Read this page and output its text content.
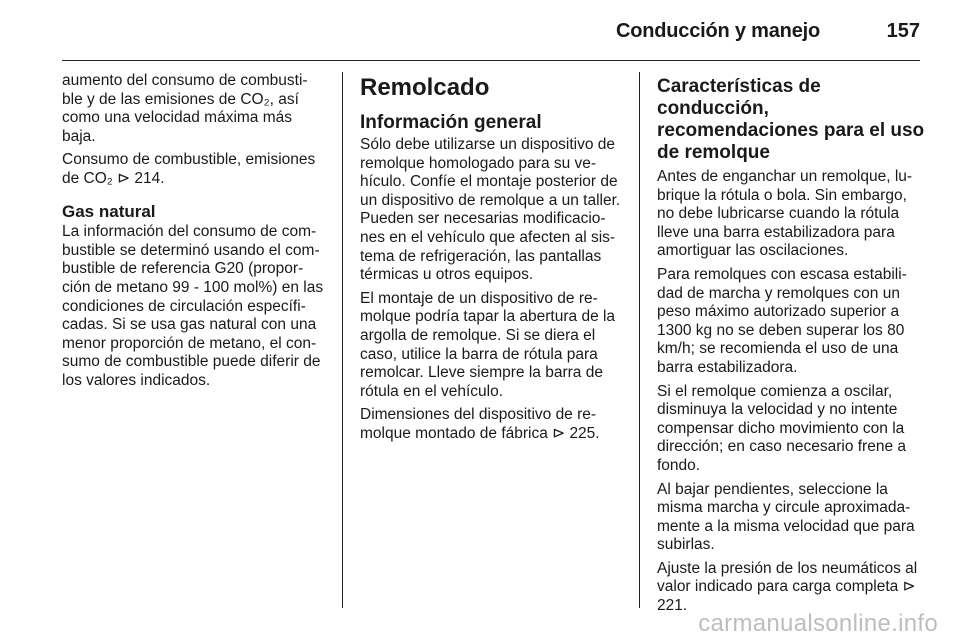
Conducción y manejo	157

aumento del consumo de combusti-ble y de las emisiones de CO₂, así como una velocidad máxima más baja.

Consumo de combustible, emisiones de CO₂ ⊳ 214.

Gas natural

La información del consumo de com-bustible se determinó usando el com-bustible de referencia G20 (propor-ción de metano 99 - 100 mol%) en las condiciones de circulación específi-cadas. Si se usa gas natural con una menor proporción de metano, el con-sumo de combustible puede diferir de los valores indicados.

Remolcado
Información general

Sólo debe utilizarse un dispositivo de remolque homologado para su ve-hículo. Confíe el montaje posterior de un dispositivo de remolque a un taller. Pueden ser necesarias modificacio-nes en el vehículo que afecten al sis-tema de refrigeración, las pantallas térmicas u otros equipos.

El montaje de un dispositivo de re-molque podría tapar la abertura de la argolla de remolque. Si se diera el caso, utilice la barra de rótula para remolcar. Lleve siempre la barra de rótula en el vehículo.

Dimensiones del dispositivo de re-molque montado de fábrica ⊳ 225.

Características de conducción, recomendaciones para el uso de remolque

Antes de enganchar un remolque, lu-brique la rótula o bola. Sin embargo, no debe lubricarse cuando la rótula lleve una barra estabilizadora para amortiguar las oscilaciones.

Para remolques con escasa estabili-dad de marcha y remolques con un peso máximo autorizado superior a 1300 kg no se deben superar los 80 km/h; se recomienda el uso de una barra estabilizadora.

Si el remolque comienza a oscilar, disminuya la velocidad y no intente compensar dicho movimiento con la dirección; en caso necesario frene a fondo.

Al bajar pendientes, seleccione la misma marcha y circule aproximada-mente a la misma velocidad que para subirlas.

Ajuste la presión de los neumáticos al valor indicado para carga completa ⊳ 221.

carmanualsonline.info
